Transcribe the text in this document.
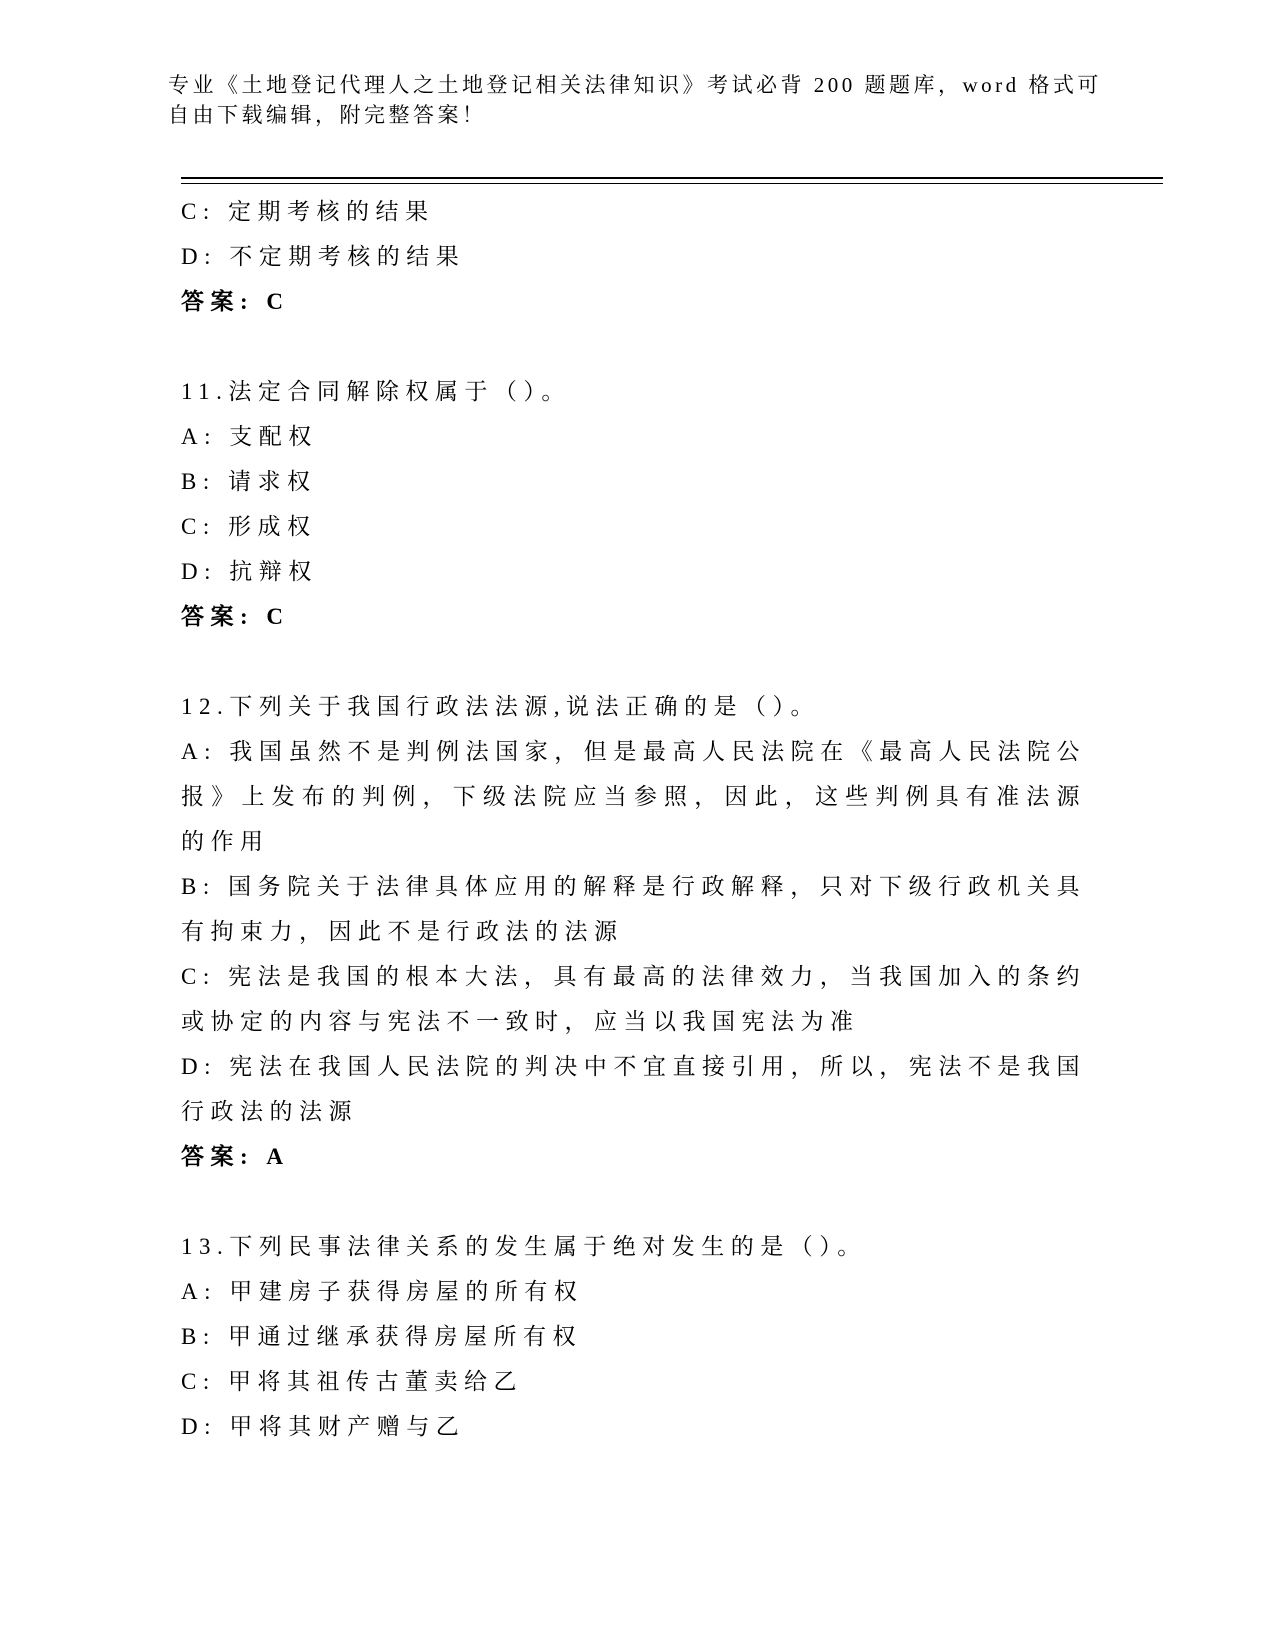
专业《土地登记代理人之土地登记相关法律知识》考试必背 200 题题库，word 格式可自由下载编辑，附完整答案！

C: 定期考核的结果

D: 不定期考核的结果

答案: C

11.法定合同解除权属于（）。

A: 支配权

B: 请求权

C: 形成权

D: 抗辩权

答案: C

12.下列关于我国行政法法源,说法正确的是（）。

A: 我国虽然不是判例法国家，但是最高人民法院在《最高人民法院公报》上发布的判例，下级法院应当参照，因此，这些判例具有准法源的作用

B: 国务院关于法律具体应用的解释是行政解释，只对下级行政机关具有拘束力，因此不是行政法的法源

C: 宪法是我国的根本大法，具有最高的法律效力，当我国加入的条约或协定的内容与宪法不一致时，应当以我国宪法为准

D: 宪法在我国人民法院的判决中不宜直接引用，所以，宪法不是我国行政法的法源

答案: A

13.下列民事法律关系的发生属于绝对发生的是（）。

A: 甲建房子获得房屋的所有权

B: 甲通过继承获得房屋所有权

C: 甲将其祖传古董卖给乙

D: 甲将其财产赠与乙
